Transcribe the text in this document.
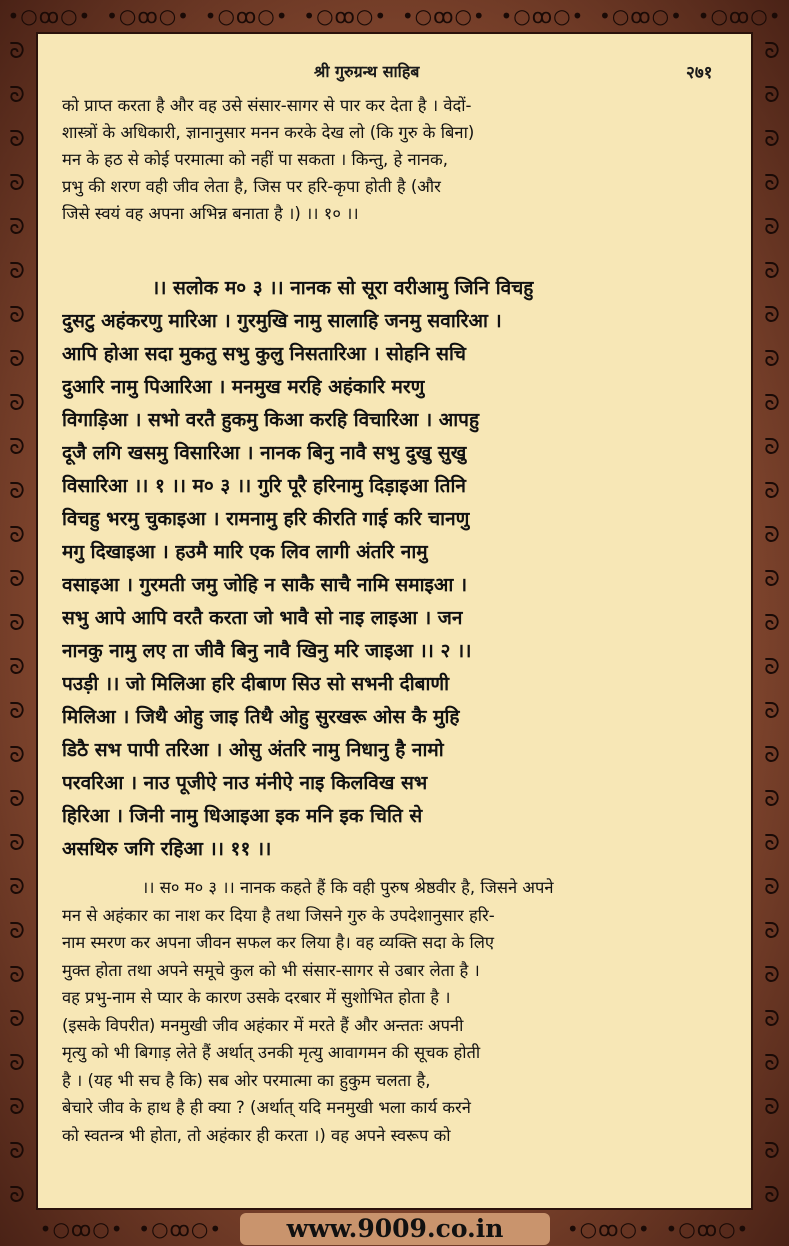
•○ꝏ○•
•○ꝏ○•
•○ꝏ○•
•○ꝏ○•
•○ꝏ○•
•○ꝏ○•
•○ꝏ○•
•○ꝏ○•
ᘐ
ᘐ
ᘐ
ᘐ
ᘐ
ᘐ
ᘐ
ᘐ
ᘐ
ᘐ
ᘐ
ᘐ
ᘐ
ᘐ
ᘐ
ᘐ
ᘐ
ᘐ
ᘐ
ᘐ
ᘐ
ᘐ
ᘐ
ᘐ
ᘐ
ᘐ
ᘐ
ᘐ
ᘐ
ᘐ
ᘐ
ᘐ
ᘐ
ᘐ
ᘐ
ᘐ
ᘐ
ᘐ
ᘐ
ᘐ
ᘐ
ᘐ
ᘐ
ᘐ
ᘐ
ᘐ
ᘐ
ᘐ
ᘐ
ᘐ
ᘐ
ᘐ
ᘐ
ᘐ
•○ꝏ○•
•○ꝏ○•
	•○ꝏ○•
•○ꝏ○•
श्री गुरुग्रन्थ साहिब	२७१
को प्राप्त करता है और वह उसे संसार-सागर से पार कर देता है । वेदों-
शास्त्रों के अधिकारी, ज्ञानानुसार मनन करके देख लो (कि गुरु के बिना)
मन के हठ से कोई परमात्मा को नहीं पा सकता । किन्तु, हे नानक,
प्रभु की शरण वही जीव लेता है, जिस पर हरि-कृपा होती है (और
जिसे स्वयं वह अपना अभिन्न बनाता है ।) ।। १० ।।
।। सलोक म० ३ ।। नानक सो सूरा वरीआमु जिनि विचहु
दुसटु अहंकरणु मारिआ । गुरमुखि नामु सालाहि जनमु सवारिआ ।
आपि होआ सदा मुकतु सभु कुलु निसतारिआ । सोहनि सचि
दुआरि नामु पिआरिआ । मनमुख मरहि अहंकारि मरणु
विगाड़िआ । सभो वरतै हुकमु किआ करहि विचारिआ । आपहु
दूजै लगि खसमु विसारिआ । नानक बिनु नावै सभु दुखु सुखु
विसारिआ ।। १ ।। म० ३ ।। गुरि पूरै हरिनामु दिड़ाइआ तिनि
विचहु भरमु चुकाइआ । रामनामु हरि कीरति गाई करि चानणु
मगु दिखाइआ । हउमै मारि एक लिव लागी अंतरि नामु
वसाइआ । गुरमती जमु जोहि न साकै साचै नामि समाइआ ।
सभु आपे आपि वरतै करता जो भावै सो नाइ लाइआ । जन
नानकु नामु लए ता जीवै बिनु नावै खिनु मरि जाइआ ।। २ ।।
पउड़ी ।। जो मिलिआ हरि दीबाण सिउ सो सभनी दीबाणी
मिलिआ । जिथै ओहु जाइ तिथै ओहु सुरखरू ओस कै मुहि
डिठै सभ पापी तरिआ । ओसु अंतरि नामु निधानु है नामो
परवरिआ । नाउ पूजीऐ नाउ मंनीऐ नाइ किलविख सभ
हिरिआ । जिनी नामु धिआइआ इक मनि इक चिति से
असथिरु जगि रहिआ ।। ११ ।।
।। स० म० ३ ।। नानक कहते हैं कि वही पुरुष श्रेष्ठवीर है, जिसने अपने
मन से अहंकार का नाश कर दिया है तथा जिसने गुरु के उपदेशानुसार हरि-
नाम स्मरण कर अपना जीवन सफल कर लिया है। वह व्यक्ति सदा के लिए
मुक्त होता तथा अपने समूचे कुल को भी संसार-सागर से उबार लेता है ।
वह प्रभु-नाम से प्यार के कारण उसके दरबार में सुशोभित होता है ।
(इसके विपरीत) मनमुखी जीव अहंकार में मरते हैं और अन्ततः अपनी
मृत्यु को भी बिगाड़ लेते हैं अर्थात् उनकी मृत्यु आवागमन की सूचक होती
है । (यह भी सच है कि) सब ओर परमात्मा का हुकुम चलता है,
बेचारे जीव के हाथ है ही क्या ? (अर्थात् यदि मनमुखी भला कार्य करने
को स्वतन्त्र भी होता, तो अहंकार ही करता ।) वह अपने स्वरूप को
www.9009.co.in
